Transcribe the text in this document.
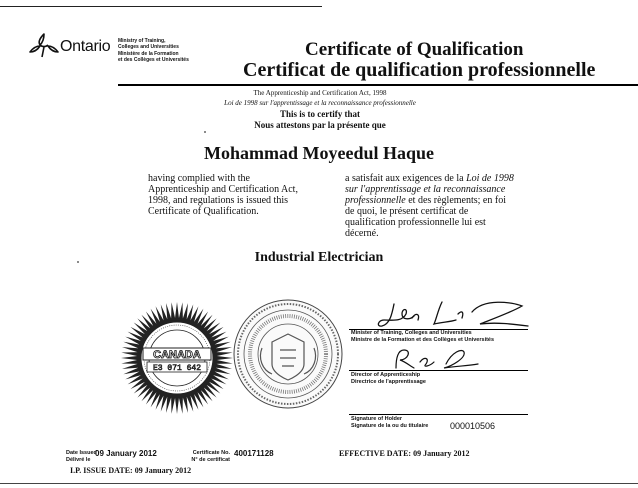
Ontario Ministry of Training,
Colleges and Universities
Ministère de la Formation
et des Collèges et Universités	Certificate of Qualification
Certificat de qualification professionnelle
The Apprenticeship and Certification Act, 1998
Loi de 1998 sur l'apprentissage et la reconnaissance professionnelle
This is to certify that
Nous attestons par la présente que
Mohammad Moyeedul Haque
having complied with the Apprenticeship and Certification Act, 1998, and regulations is issued this Certificate of Qualification.
a satisfait aux exigences de la Loi de 1998 sur l'apprentissage et la reconnaissance professionnelle et des règlements; en foi de quoi, le présent certificat de qualification professionnelle lui est décerné.
Industrial Electrician
CANADA
E3 071 642
Minister of Training, Colleges and Universities
Ministre de la Formation et des Collèges et Universités
Director of Apprenticeship
Directrice de l'apprentissage
Signature of Holder
Signature de la ou du titulaire 000010506
Date Issued
Délivré le
09 January 2012	Certificate No.
N° de certificat
400171128
I.P. ISSUE DATE: 09 January 2012
EFFECTIVE DATE: 09 January 2012
